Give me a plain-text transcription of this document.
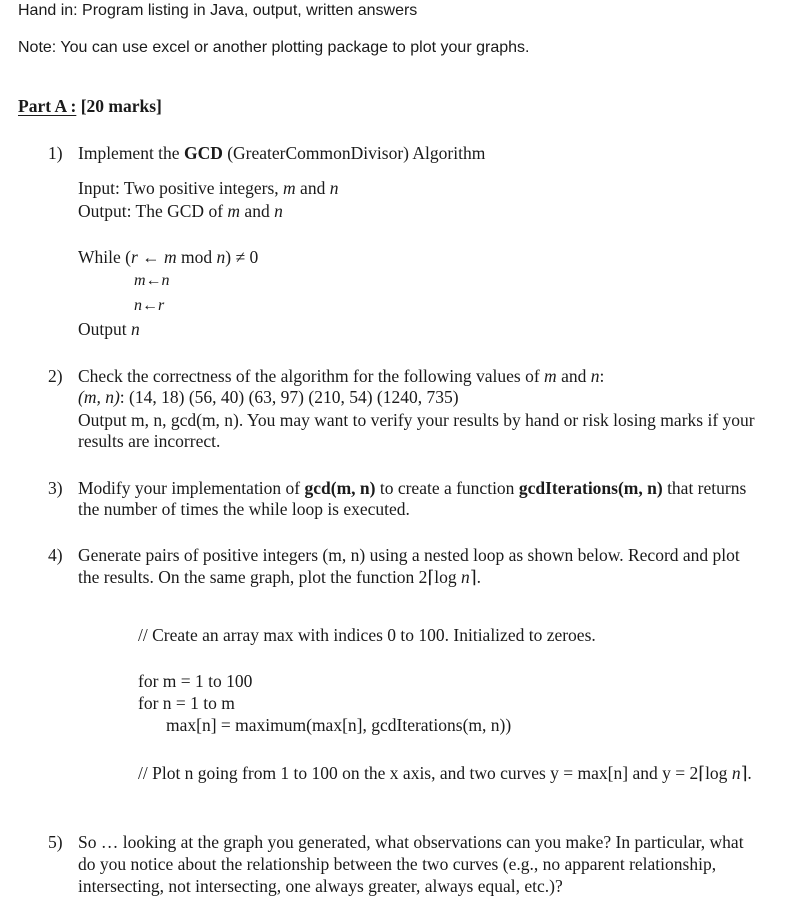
Hand in: Program listing in Java, output, written answers
Note: You can use excel or another plotting package to plot your graphs.
Part A : [20 marks]
1) Implement the GCD (GreaterCommonDivisor) Algorithm
Input: Two positive integers, m and n
Output: The GCD of m and n
While (r ← m mod n) ≠ 0
m←n
n←r
Output n
2) Check the correctness of the algorithm for the following values of m and n:
(m, n): (14, 18) (56, 40) (63, 97) (210, 54) (1240, 735)
Output m, n, gcd(m, n). You may want to verify your results by hand or risk losing marks if your
results are incorrect.
3) Modify your implementation of gcd(m, n) to create a function gcdIterations(m, n) that returns
the number of times the while loop is executed.
4) Generate pairs of positive integers (m, n) using a nested loop as shown below. Record and plot
the results. On the same graph, plot the function 2⌈log n⌉.
// Create an array max with indices 0 to 100. Initialized to zeroes.
for m = 1 to 100
for n = 1 to m
max[n] = maximum(max[n], gcdIterations(m, n))
// Plot n going from 1 to 100 on the x axis, and two curves y = max[n] and y = 2⌈log n⌉.
5) So … looking at the graph you generated, what observations can you make? In particular, what
do you notice about the relationship between the two curves (e.g., no apparent relationship,
intersecting, not intersecting, one always greater, always equal, etc.)?
